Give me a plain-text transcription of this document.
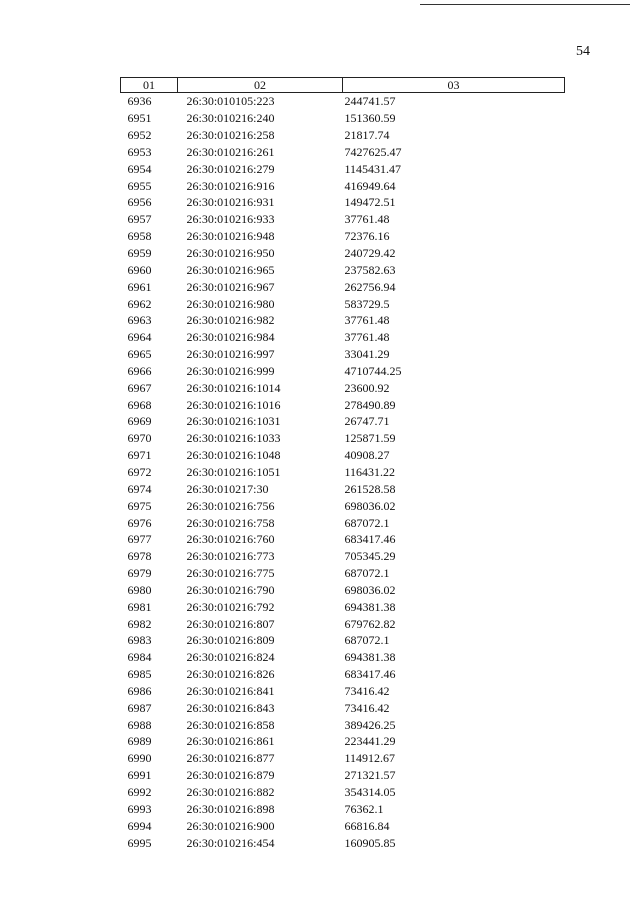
54
01	02	03
6936	26:30:010105:223	244741.57
6951	26:30:010216:240	151360.59
6952	26:30:010216:258	21817.74
6953	26:30:010216:261	7427625.47
6954	26:30:010216:279	1145431.47
6955	26:30:010216:916	416949.64
6956	26:30:010216:931	149472.51
6957	26:30:010216:933	37761.48
6958	26:30:010216:948	72376.16
6959	26:30:010216:950	240729.42
6960	26:30:010216:965	237582.63
6961	26:30:010216:967	262756.94
6962	26:30:010216:980	583729.5
6963	26:30:010216:982	37761.48
6964	26:30:010216:984	37761.48
6965	26:30:010216:997	33041.29
6966	26:30:010216:999	4710744.25
6967	26:30:010216:1014	23600.92
6968	26:30:010216:1016	278490.89
6969	26:30:010216:1031	26747.71
6970	26:30:010216:1033	125871.59
6971	26:30:010216:1048	40908.27
6972	26:30:010216:1051	116431.22
6974	26:30:010217:30	261528.58
6975	26:30:010216:756	698036.02
6976	26:30:010216:758	687072.1
6977	26:30:010216:760	683417.46
6978	26:30:010216:773	705345.29
6979	26:30:010216:775	687072.1
6980	26:30:010216:790	698036.02
6981	26:30:010216:792	694381.38
6982	26:30:010216:807	679762.82
6983	26:30:010216:809	687072.1
6984	26:30:010216:824	694381.38
6985	26:30:010216:826	683417.46
6986	26:30:010216:841	73416.42
6987	26:30:010216:843	73416.42
6988	26:30:010216:858	389426.25
6989	26:30:010216:861	223441.29
6990	26:30:010216:877	114912.67
6991	26:30:010216:879	271321.57
6992	26:30:010216:882	354314.05
6993	26:30:010216:898	76362.1
6994	26:30:010216:900	66816.84
6995	26:30:010216:454	160905.85
